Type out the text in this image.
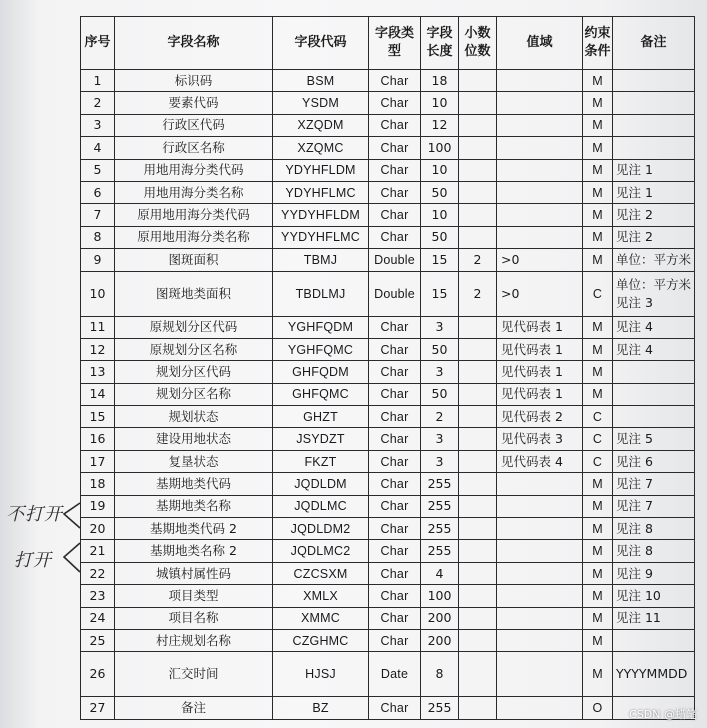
序号	字段名称	字段代码	字段类型	字段长度	小数位数	值域	约束条件	备注
1	标识码	BSM	Char	18			M	
2	要素代码	YSDM	Char	10			M	
3	行政区代码	XZQDM	Char	12			M	
4	行政区名称	XZQMC	Char	100			M	
5	用地用海分类代码	YDYHFLDM	Char	10			M	见注 1
6	用地用海分类名称	YDYHFLMC	Char	50			M	见注 1
7	原用地用海分类代码	YYDYHFLDM	Char	10			M	见注 2
8	原用地用海分类名称	YYDYHFLMC	Char	50			M	见注 2
9	图斑面积	TBMJ	Double	15	2	>0	M	单位：平方米
10	图斑地类面积	TBDLMJ	Double	15	2	>0	C	单位：平方米 见注 3
11	原规划分区代码	YGHFQDM	Char	3		见代码表 1	M	见注 4
12	原规划分区名称	YGHFQMC	Char	50		见代码表 1	M	见注 4
13	规划分区代码	GHFQDM	Char	3		见代码表 1	M	
14	规划分区名称	GHFQMC	Char	50		见代码表 1	M	
15	规划状态	GHZT	Char	2		见代码表 2	C	
16	建设用地状态	JSYDZT	Char	3		见代码表 3	C	见注 5
17	复垦状态	FKZT	Char	3		见代码表 4	C	见注 6
18	基期地类代码	JQDLDM	Char	255			M	见注 7
19	基期地类名称	JQDLMC	Char	255			M	见注 7
20	基期地类代码 2	JQDLDM2	Char	255			M	见注 8
21	基期地类名称 2	JQDLMC2	Char	255			M	见注 8
22	城镇村属性码	CZCSXM	Char	4			M	见注 9
23	项目类型	XMLX	Char	100			M	见注 10
24	项目名称	XMMC	Char	200			M	见注 11
25	村庄规划名称	CZGHMC	Char	200			M	
26	汇交时间	HJSJ	Date	8			M	YYYYMMDD
27	备注	BZ	Char	255			O	
不打开
打开
CSDN @蜡笔
